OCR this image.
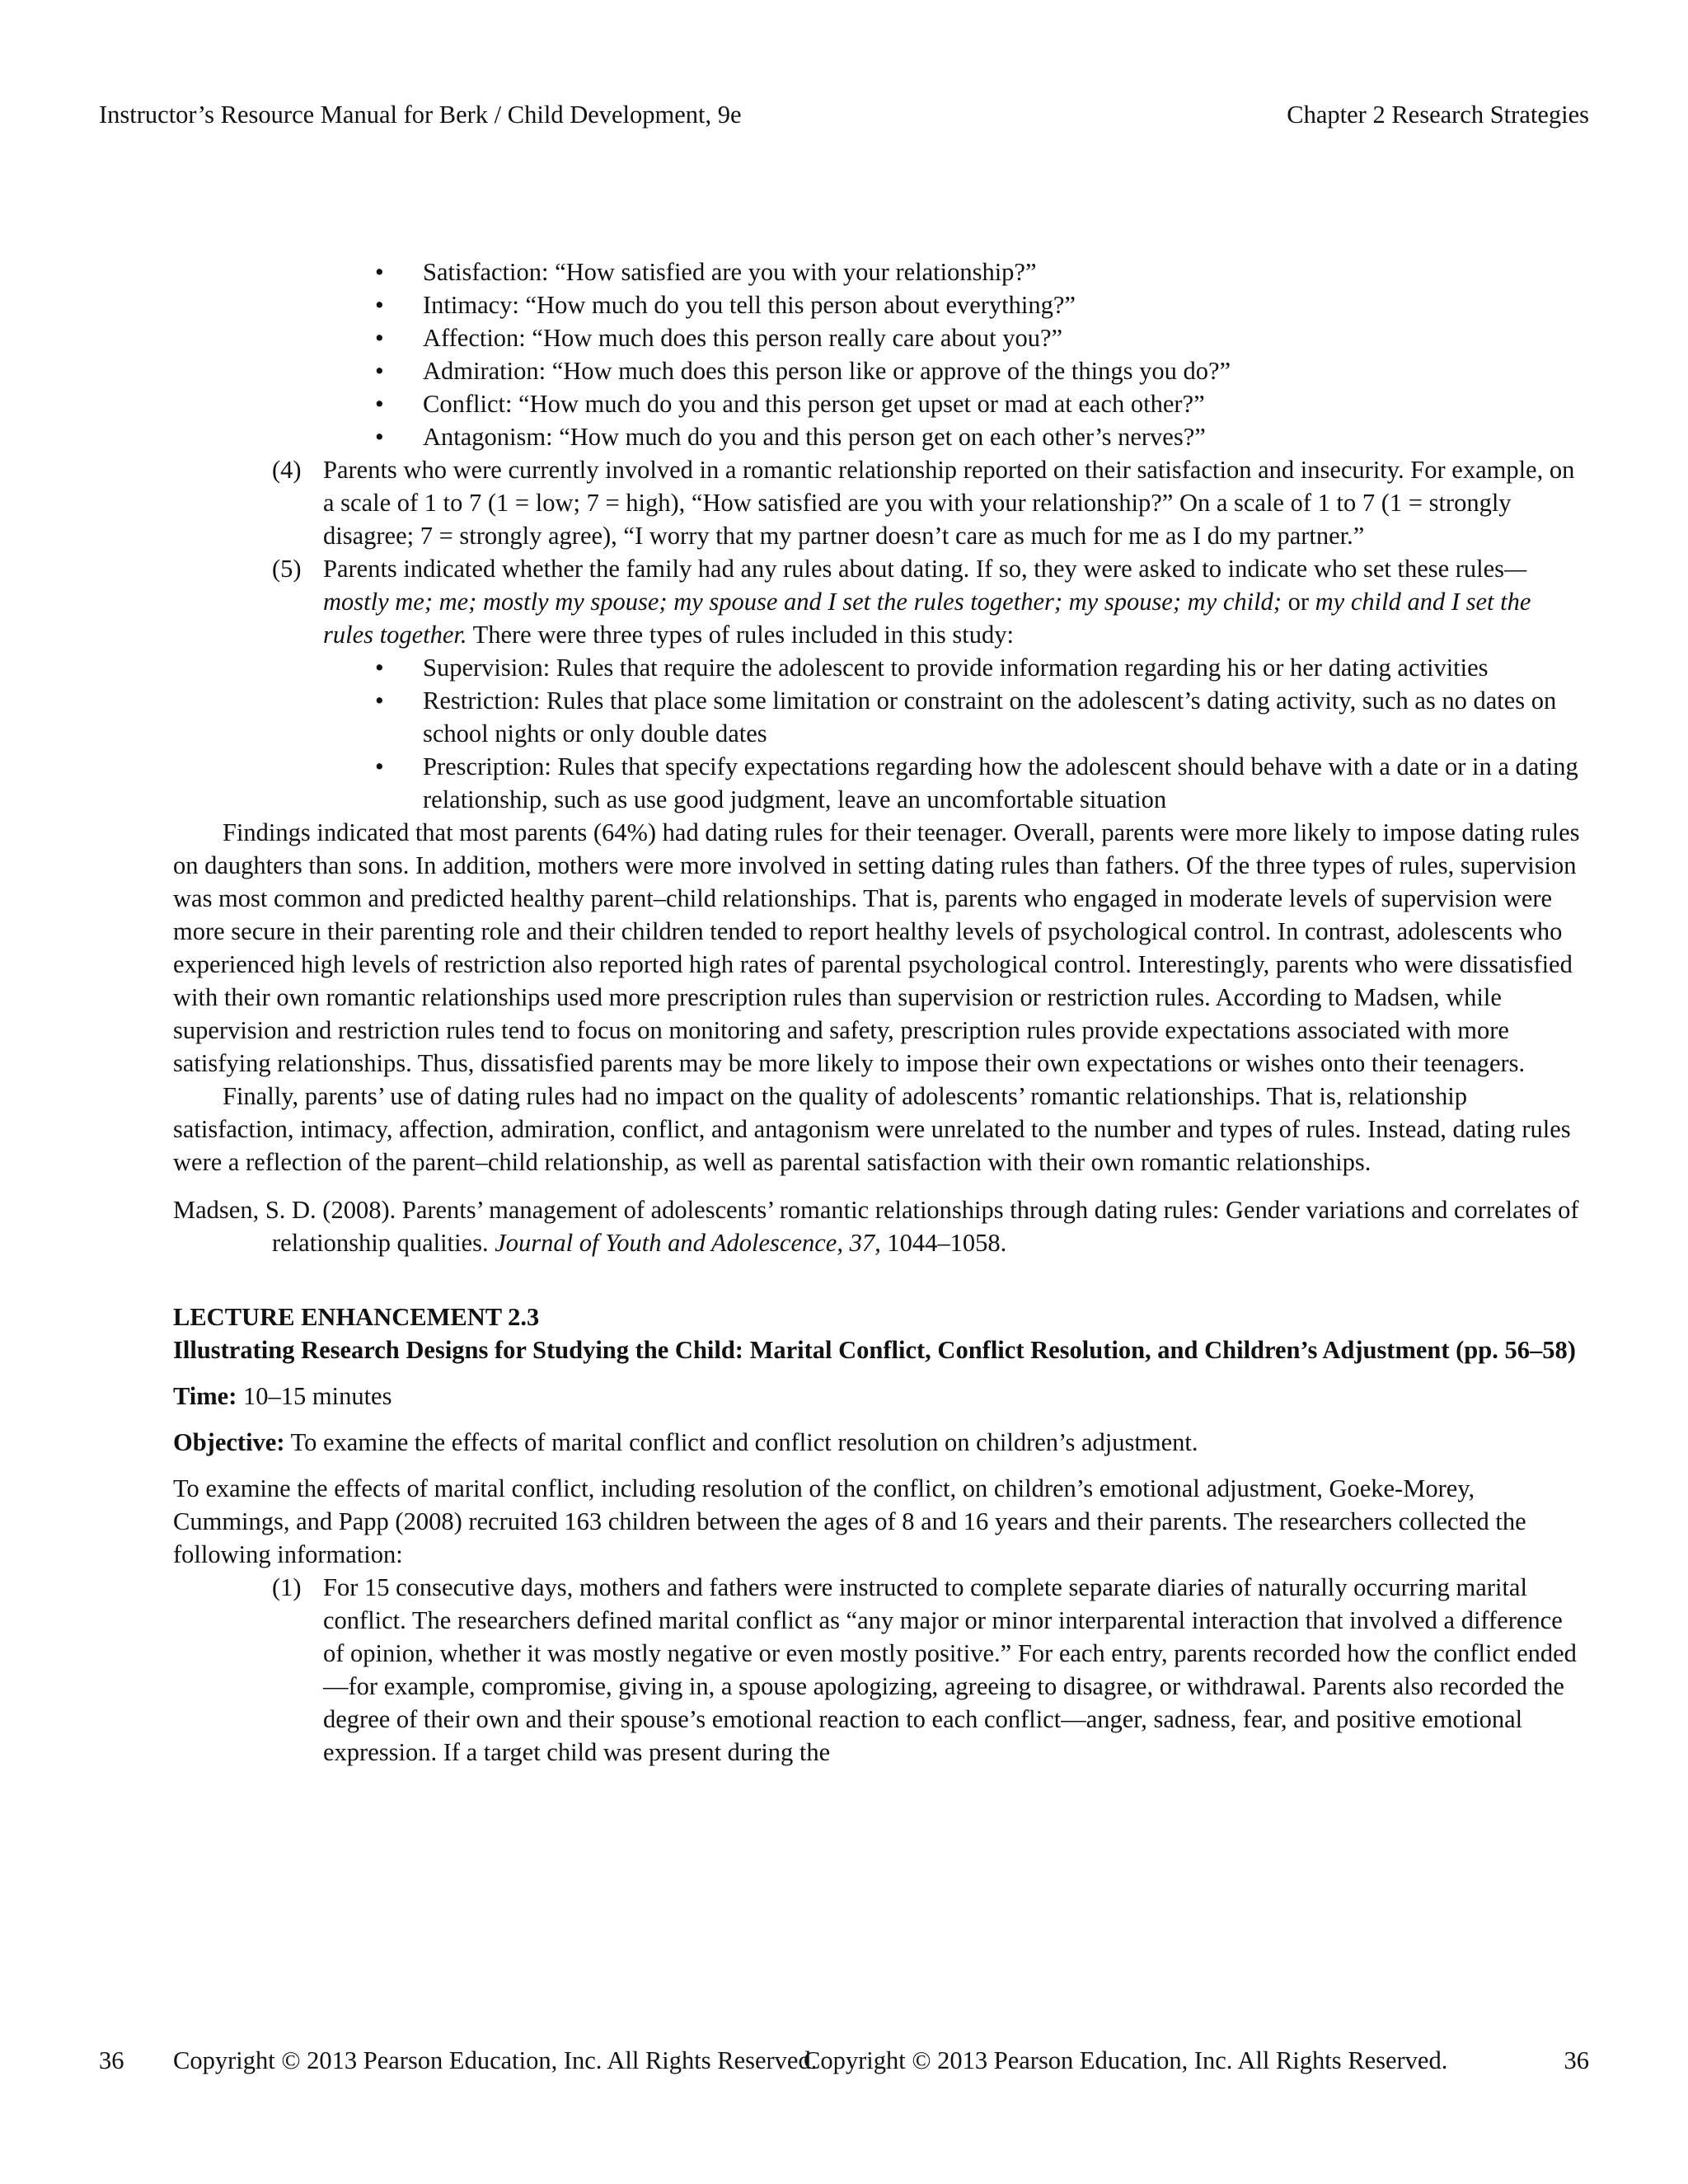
Instructor’s Resource Manual for Berk / Child Development, 9e	Chapter 2 Research Strategies
• Satisfaction: “How satisfied are you with your relationship?”
• Intimacy: “How much do you tell this person about everything?”
• Affection: “How much does this person really care about you?”
• Admiration: “How much does this person like or approve of the things you do?”
• Conflict: “How much do you and this person get upset or mad at each other?”
• Antagonism: “How much do you and this person get on each other’s nerves?”
(4) Parents who were currently involved in a romantic relationship reported on their satisfaction and insecurity. For example, on a scale of 1 to 7 (1 = low; 7 = high), “How satisfied are you with your relationship?” On a scale of 1 to 7 (1 = strongly disagree; 7 = strongly agree), “I worry that my partner doesn’t care as much for me as I do my partner.”

(5) Parents indicated whether the family had any rules about dating. If so, they were asked to indicate who set these rules—mostly me; me; mostly my spouse; my spouse and I set the rules together; my spouse; my child; or my child and I set the rules together. There were three types of rules included in this study:

• Supervision: Rules that require the adolescent to provide information regarding his or her dating activities
• Restriction: Rules that place some limitation or constraint on the adolescent’s dating activity, such as no dates on school nights or only double dates
• Prescription: Rules that specify expectations regarding how the adolescent should behave with a date or in a dating relationship, such as use good judgment, leave an uncomfortable situation

Findings indicated that most parents (64%) had dating rules for their teenager. Overall, parents were more likely to impose dating rules on daughters than sons. In addition, mothers were more involved in setting dating rules than fathers. Of the three types of rules, supervision was most common and predicted healthy parent–child relationships. That is, parents who engaged in moderate levels of supervision were more secure in their parenting role and their children tended to report healthy levels of psychological control. In contrast, adolescents who experienced high levels of restriction also reported high rates of parental psychological control. Interestingly, parents who were dissatisfied with their own romantic relationships used more prescription rules than supervision or restriction rules. According to Madsen, while supervision and restriction rules tend to focus on monitoring and safety, prescription rules provide expectations associated with more satisfying relationships. Thus, dissatisfied parents may be more likely to impose their own expectations or wishes onto their teenagers.

Finally, parents’ use of dating rules had no impact on the quality of adolescents’ romantic relationships. That is, relationship satisfaction, intimacy, affection, admiration, conflict, and antagonism were unrelated to the number and types of rules. Instead, dating rules were a reflection of the parent–child relationship, as well as parental satisfaction with their own romantic relationships.

Madsen, S. D. (2008). Parents’ management of adolescents’ romantic relationships through dating rules: Gender variations and correlates of relationship qualities. Journal of Youth and Adolescence, 37, 1044–1058.

LECTURE ENHANCEMENT 2.3

Illustrating Research Designs for Studying the Child: Marital Conflict, Conflict Resolution, and Children’s Adjustment (pp. 56–58)

Time: 10–15 minutes

Objective: To examine the effects of marital conflict and conflict resolution on children’s adjustment.

To examine the effects of marital conflict, including resolution of the conflict, on children’s emotional adjustment, Goeke-Morey, Cummings, and Papp (2008) recruited 163 children between the ages of 8 and 16 years and their parents. The researchers collected the following information:

(1) For 15 consecutive days, mothers and fathers were instructed to complete separate diaries of naturally occurring marital conflict. The researchers defined marital conflict as “any major or minor interparental interaction that involved a difference of opinion, whether it was mostly negative or even mostly positive.” For each entry, parents recorded how the conflict ended—for example, compromise, giving in, a spouse apologizing, agreeing to disagree, or withdrawal. Parents also recorded the degree of their own and their spouse’s emotional reaction to each conflict—anger, sadness, fear, and positive emotional expression. If a target child was present during the

36 Copyright © 2013 Pearson Education, Inc. All Rights Reserved.
Copyright © 2013 Pearson Education, Inc. All Rights Reserved.	36
